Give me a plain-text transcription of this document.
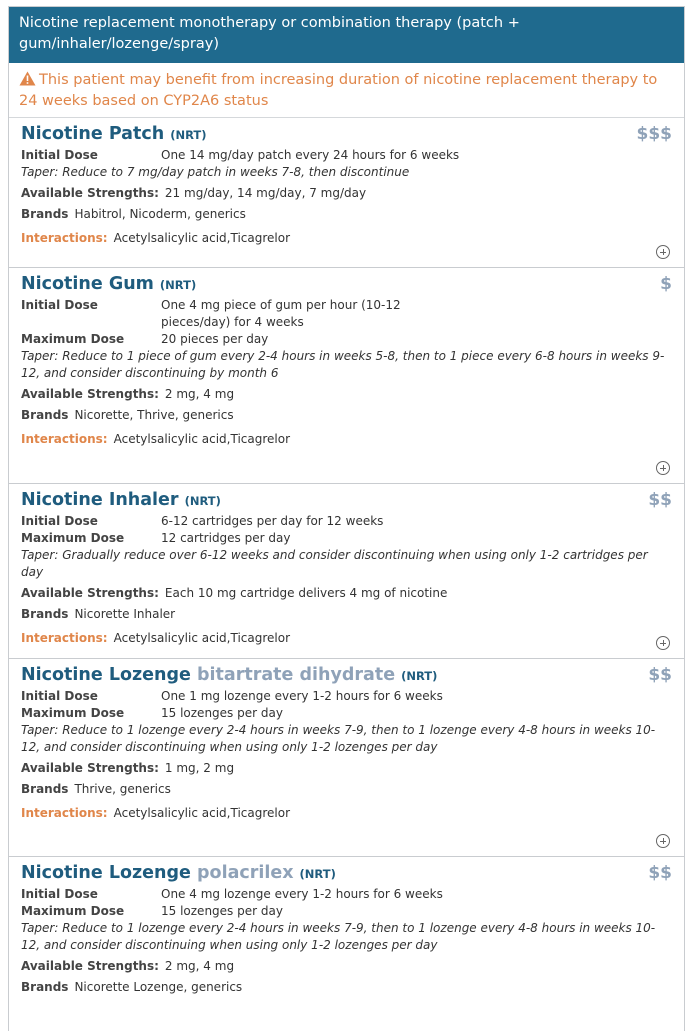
Nicotine replacement monotherapy or combination therapy (patch + gum/inhaler/lozenge/spray)
This patient may benefit from increasing duration of nicotine replacement therapy to 24 weeks based on CYP2A6 status
Nicotine Patch (NRT)	$$$
Initial Dose	One 14 mg/day patch every 24 hours for 6 weeks
Taper: Reduce to 7 mg/day patch in weeks 7-8, then discontinue
Available Strengths: 21 mg/day, 14 mg/day, 7 mg/day
Brands Habitrol, Nicoderm, generics
Interactions: Acetylsalicylic acid,Ticagrelor
Nicotine Gum (NRT)	$
Initial Dose	One 4 mg piece of gum per hour (10-12 pieces/day) for 4 weeks
Maximum Dose	20 pieces per day
Taper: Reduce to 1 piece of gum every 2-4 hours in weeks 5-8, then to 1 piece every 6-8 hours in weeks 9-12, and consider discontinuing by month 6
Available Strengths: 2 mg, 4 mg
Brands Nicorette, Thrive, generics
Interactions: Acetylsalicylic acid,Ticagrelor
Nicotine Inhaler (NRT)	$$
Initial Dose	6-12 cartridges per day for 12 weeks
Maximum Dose	12 cartridges per day
Taper: Gradually reduce over 6-12 weeks and consider discontinuing when using only 1-2 cartridges per day
Available Strengths: Each 10 mg cartridge delivers 4 mg of nicotine
Brands Nicorette Inhaler
Interactions: Acetylsalicylic acid,Ticagrelor
Nicotine Lozenge bitartrate dihydrate (NRT)	$$
Initial Dose	One 1 mg lozenge every 1-2 hours for 6 weeks
Maximum Dose	15 lozenges per day
Taper: Reduce to 1 lozenge every 2-4 hours in weeks 7-9, then to 1 lozenge every 4-8 hours in weeks 10-12, and consider discontinuing when using only 1-2 lozenges per day
Available Strengths: 1 mg, 2 mg
Brands Thrive, generics
Interactions: Acetylsalicylic acid,Ticagrelor
Nicotine Lozenge polacrilex (NRT)	$$
Initial Dose	One 4 mg lozenge every 1-2 hours for 6 weeks
Maximum Dose	15 lozenges per day
Taper: Reduce to 1 lozenge every 2-4 hours in weeks 7-9, then to 1 lozenge every 4-8 hours in weeks 10-12, and consider discontinuing when using only 1-2 lozenges per day
Available Strengths: 2 mg, 4 mg
Brands Nicorette Lozenge, generics
